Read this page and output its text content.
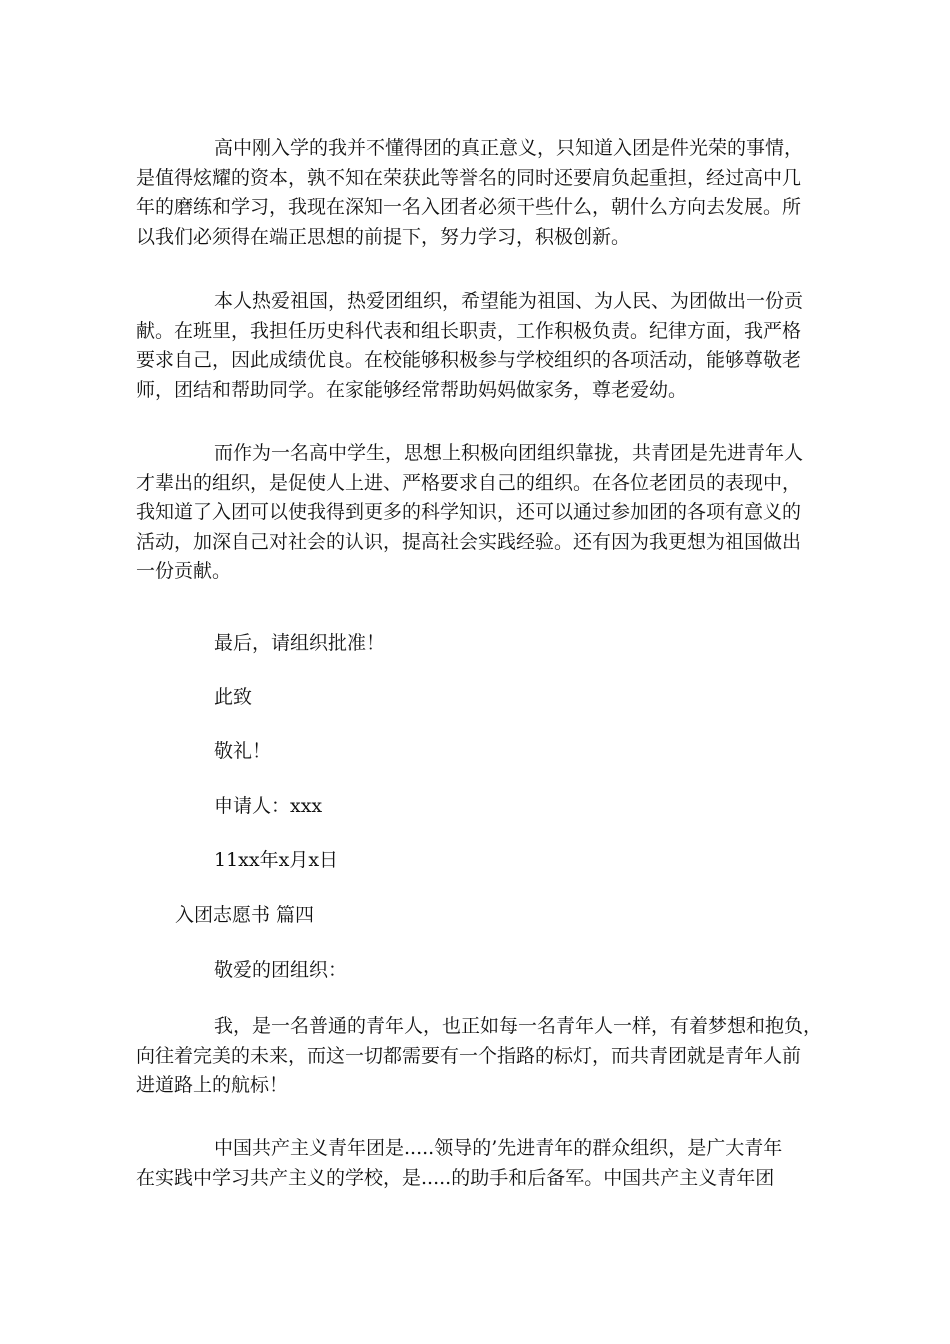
高中刚入学的我并不懂得团的真正意义，只知道入团是件光荣的事情，
是值得炫耀的资本，孰不知在荣获此等誉名的同时还要肩负起重担，经过高中几
年的磨练和学习，我现在深知一名入团者必须干些什么，朝什么方向去发展。所
以我们必须得在端正思想的前提下，努力学习，积极创新。
本人热爱祖国，热爱团组织，希望能为祖国、为人民、为团做出一份贡
献。在班里，我担任历史科代表和组长职责，工作积极负责。纪律方面，我严格
要求自己，因此成绩优良。在校能够积极参与学校组织的各项活动，能够尊敬老
师，团结和帮助同学。在家能够经常帮助妈妈做家务，尊老爱幼。
而作为一名高中学生，思想上积极向团组织靠拢，共青团是先进青年人
才辈出的组织，是促使人上进、严格要求自己的组织。在各位老团员的表现中，
我知道了入团可以使我得到更多的科学知识，还可以通过参加团的各项有意义的
活动，加深自己对社会的认识，提高社会实践经验。还有因为我更想为祖国做出
一份贡献。

最后，请组织批准！

此致

敬礼！

申请人：xxx

11xx年x月x日

入团志愿书 篇四

敬爱的团组织：

我，是一名普通的青年人，也正如每一名青年人一样，有着梦想和抱负，
向往着完美的未来，而这一切都需要有一个指路的标灯，而共青团就是青年人前
进道路上的航标！
中国共产主义青年团是.....领导的’先进青年的群众组织，是广大青年
在实践中学习共产主义的学校，是.....的助手和后备军。中国共产主义青年团
